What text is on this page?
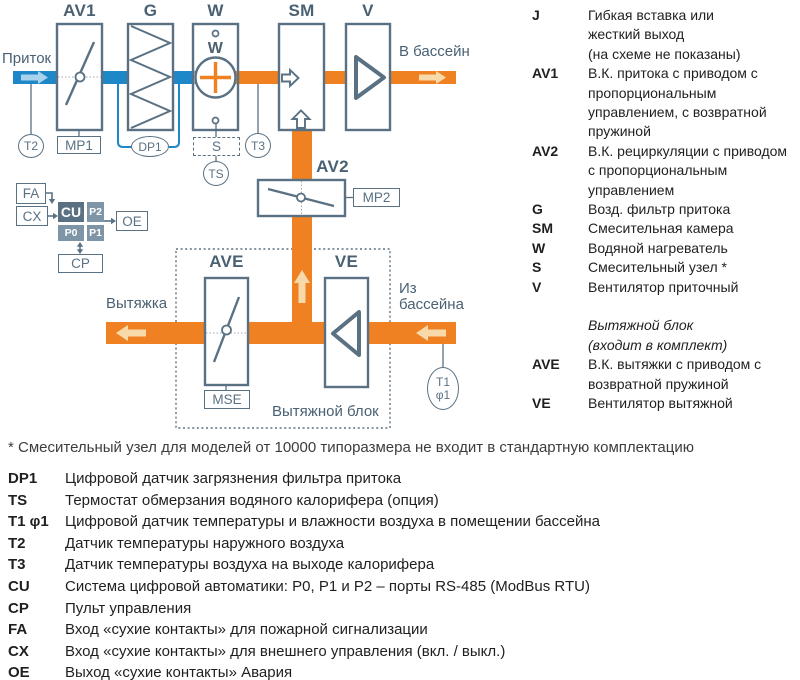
AV1	G	W	SM	V
AV2
AVE	VE
W
Приток	В бассейн
Вытяжка
Из
бассейна
Вытяжной блок
Т2	DP1
TS
Т3
Т1
φ1
MP1	S
MP2
MSE
FA
CX	CU P2
P0	P1
OE
CP
J	Гибкая вставка или
жесткий выход
(на схеме не показаны)
AV1	В.К. притока с приводом с
пропорциональным
управлением, с возвратной
пружиной
AV2	В.К. рециркуляции с приводом
с пропорциональным
управлением
G	Возд. фильтр притока
SM	Смесительная камера
W	Водяной нагреватель
S	Смесительный узел *
V	Вентилятор приточный
Вытяжной блок
(входит в комплект)
AVE	В.К. вытяжки с приводом с
возвратной пружиной
VE	Вентилятор вытяжной
* Смесительный узел для моделей от 10000 типоразмера не входит в стандартную комплектацию
DP1	Цифровой датчик загрязнения фильтра притока
TS	Термостат обмерзания водяного калорифера (опция)
Т1 φ1	Цифровой датчик температуры и влажности воздуха в помещении бассейна
Т2	Датчик температуры наружного воздуха
Т3	Датчик температуры воздуха на выходе калорифера
CU	Система цифровой автоматики: P0, P1 и P2 – порты RS-485 (ModBus RTU)
CP	Пульт управления
FA	Вход «сухие контакты» для пожарной сигнализации
CX	Вход «сухие контакты» для внешнего управления (вкл. / выкл.)
OE	Выход «сухие контакты» Авария
